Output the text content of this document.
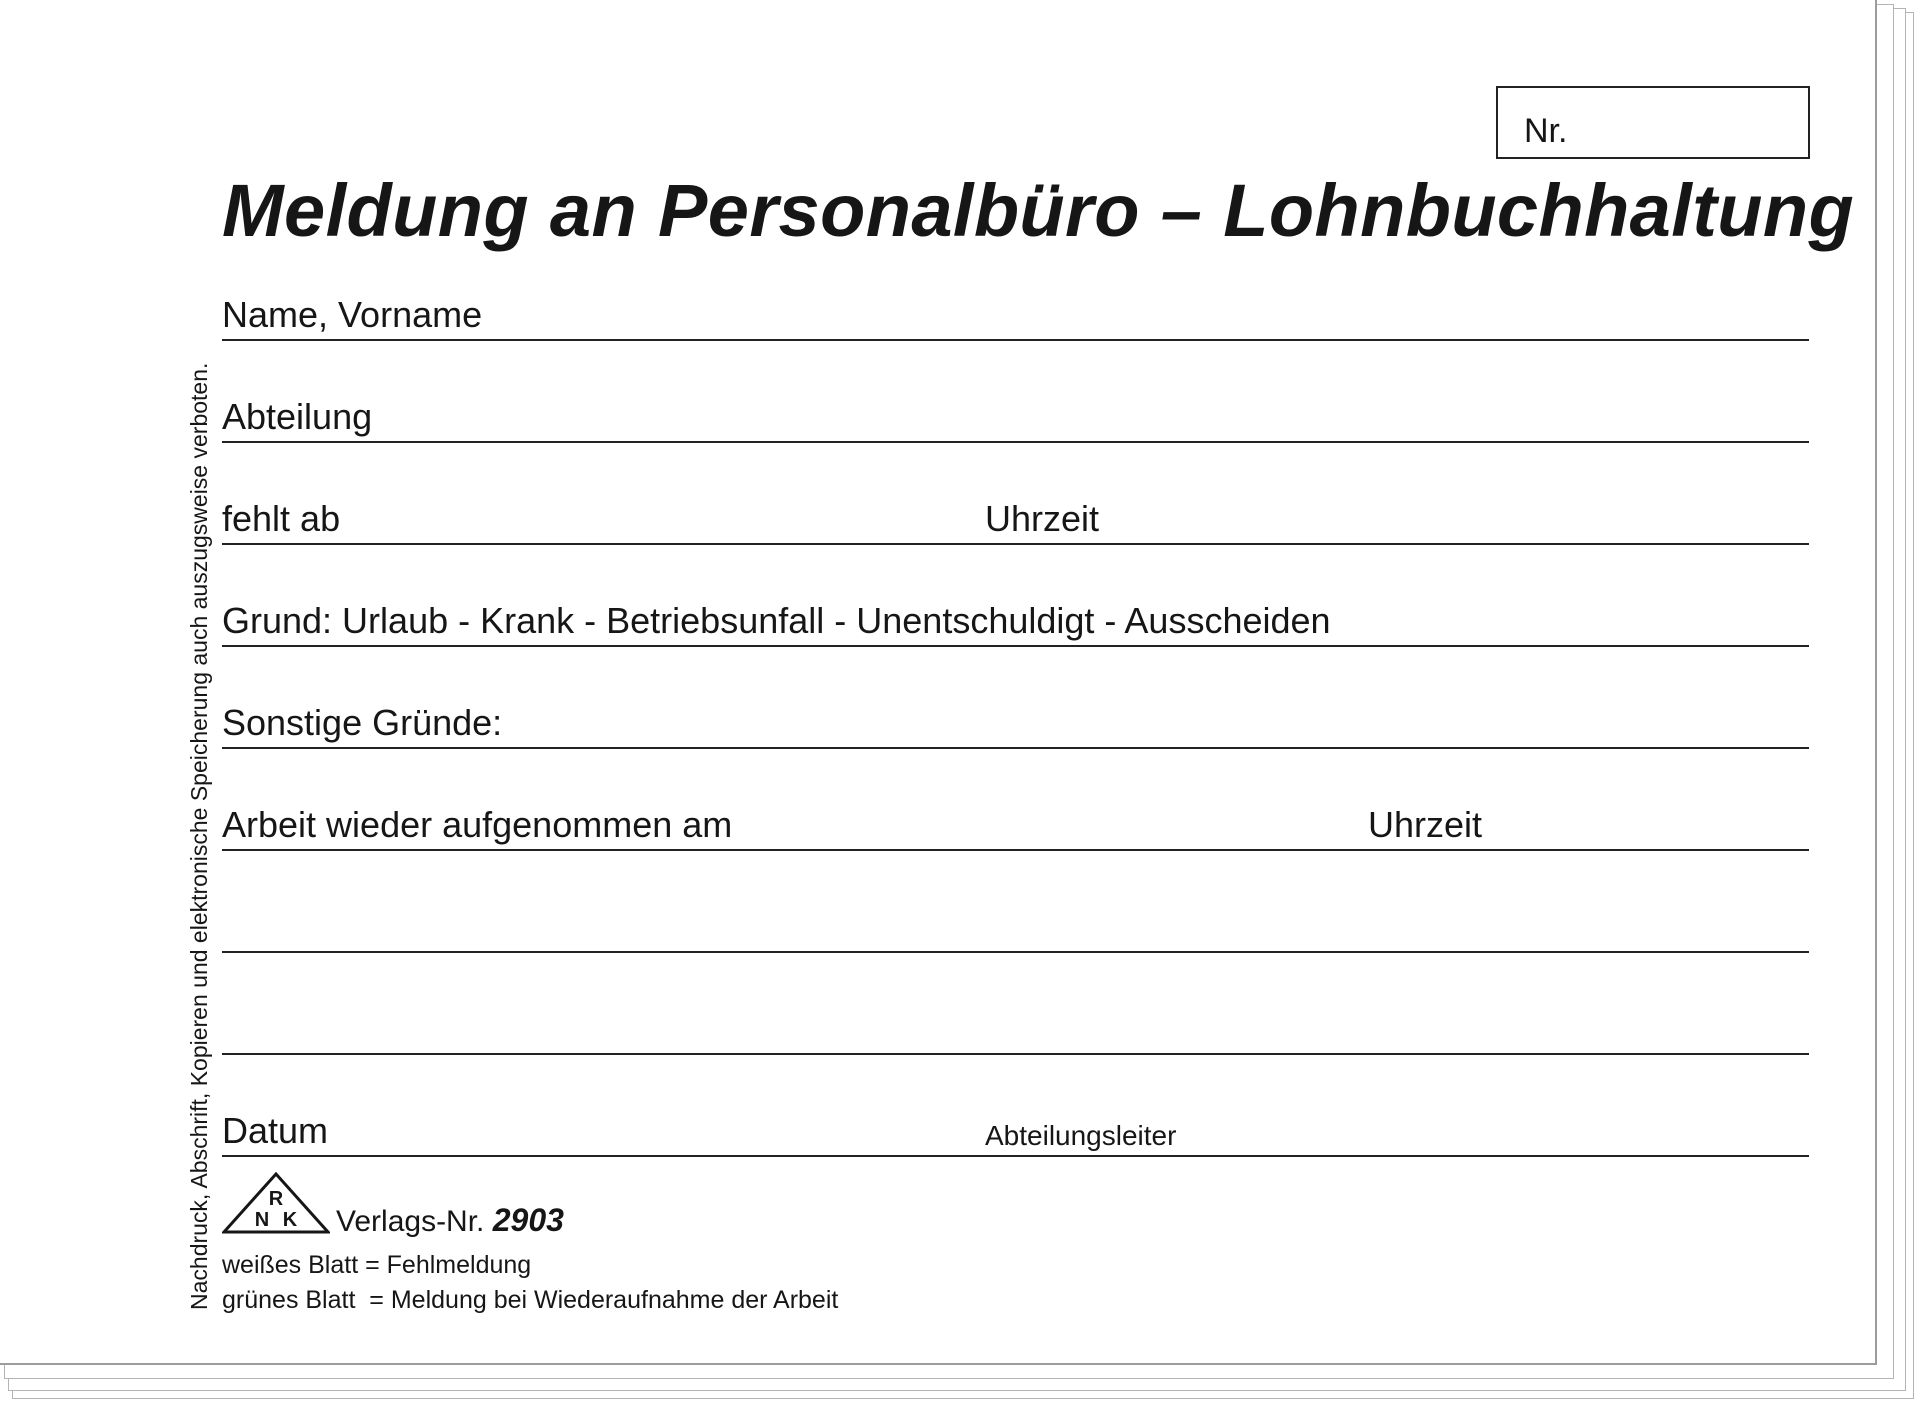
Nr.
Meldung an Personalbüro – Lohnbuchhaltung
Nachdruck, Abschrift, Kopieren und elektronische Speicherung auch auszugsweise verboten.
Name, Vorname
Abteilung
fehlt ab	Uhrzeit
Grund: Urlaub - Krank - Betriebsunfall - Unentschuldigt - Ausscheiden
Sonstige Gründe:
Arbeit wieder aufgenommen am	Uhrzeit
Datum	Abteilungsleiter
R
N K Verlags-Nr. 2903
weißes Blatt = Fehlmeldung
grünes Blatt  = Meldung bei Wiederaufnahme der Arbeit
